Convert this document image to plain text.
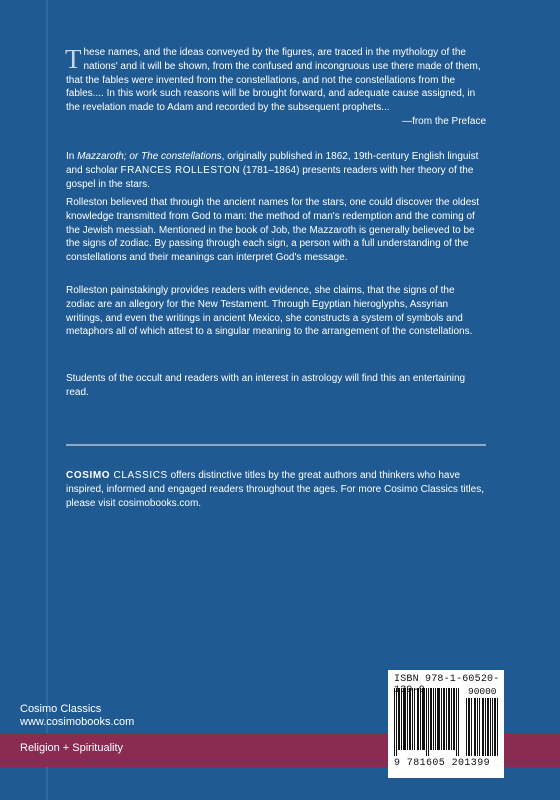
These names, and the ideas conveyed by the figures, are traced in the mythology of the nations' and it will be shown, from the confused and incongruous use there made of them, that the fables were invented from the constellations, and not the constellations from the fables.... In this work such reasons will be brought forward, and adequate cause assigned, in the revelation made to Adam and recorded by the subsequent prophets...

—from the Preface

In Mazzaroth; or The constellations, originally published in 1862, 19th-century English linguist and scholar FRANCES ROLLESTON (1781–1864) presents readers with her theory of the gospel in the stars.

Rolleston believed that through the ancient names for the stars, one could discover the oldest knowledge transmitted from God to man: the method of man's redemption and the coming of the Jewish messiah. Mentioned in the book of Job, the Mazzaroth is generally believed to be the signs of zodiac. By passing through each sign, a person with a full understanding of the constellations and their meanings can interpret God's message.

Rolleston painstakingly provides readers with evidence, she claims, that the signs of the zodiac are an allegory for the New Testament. Through Egyptian hieroglyphs, Assyrian writings, and even the writings in ancient Mexico, she constructs a system of symbols and metaphors all of which attest to a singular meaning to the arrangement of the constellations.

Students of the occult and readers with an interest in astrology will find this an entertaining read.

COSIMO CLASSICS offers distinctive titles by the great authors and thinkers who have inspired, informed and engaged readers throughout the ages. For more Cosimo Classics titles, please visit cosimobooks.com.

Cosimo Classics
www.cosimobooks.com
Religion + Spirituality
ISBN 978-1-60520-139-9	90000
9 781605 201399
